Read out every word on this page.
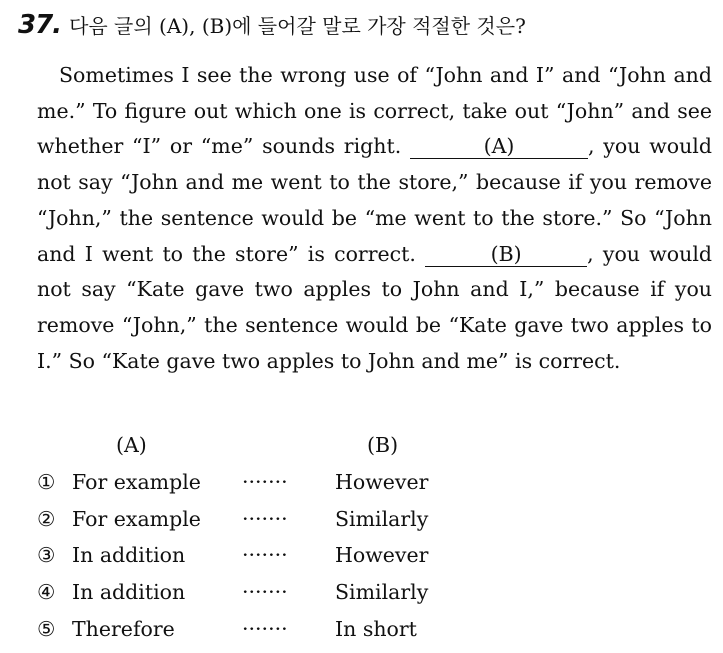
37. 다음 글의 (A), (B)에 들어갈 말로 가장 적절한 것은?

Sometimes I see the wrong use of “John and I” and “John and me.” To figure out which one is correct, take out “John” and see whether “I” or “me” sounds right.	(A)	, you would not say “John and me went to the store,” because if you remove “John,” the sentence would be “me went to the store.” So “John and I went to the store” is correct.	(B)	, you would not say “Kate gave two apples to John and I,” because if you remove “John,” the sentence would be “Kate gave two apples to I.” So “Kate gave two apples to John and me” is correct.

(A)	(B)
① For example ······· However
② For example ······· Similarly
③ In addition	······· However
④ In addition	······· Similarly
⑤ Therefore	······· In short
